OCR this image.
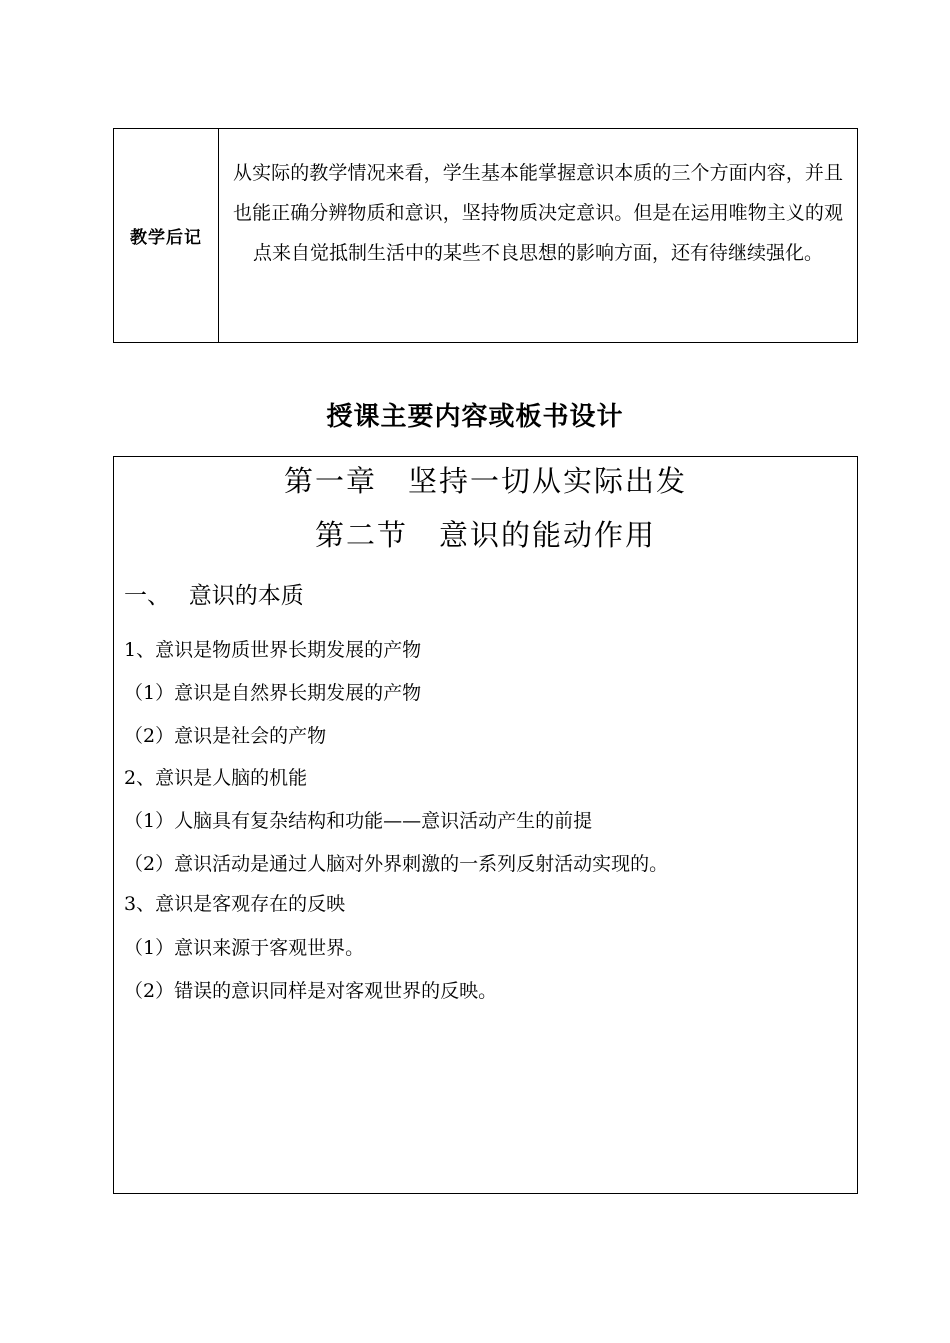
教学后记
从实际的教学情况来看，学生基本能掌握意识本质的三个方面内容，并且也能正确分辨物质和意识，坚持物质决定意识。但是在运用唯物主义的观点来自觉抵制生活中的某些不良思想的影响方面，还有待继续强化。
授课主要内容或板书设计
第一章　坚持一切从实际出发
第二节　意识的能动作用
一、　 意识的本质
1、意识是物质世界长期发展的产物
（1）意识是自然界长期发展的产物
（2）意识是社会的产物
2、意识是人脑的机能
（1）人脑具有复杂结构和功能——意识活动产生的前提
（2）意识活动是通过人脑对外界刺激的一系列反射活动实现的。
3、意识是客观存在的反映
（1）意识来源于客观世界。
（2）错误的意识同样是对客观世界的反映。
